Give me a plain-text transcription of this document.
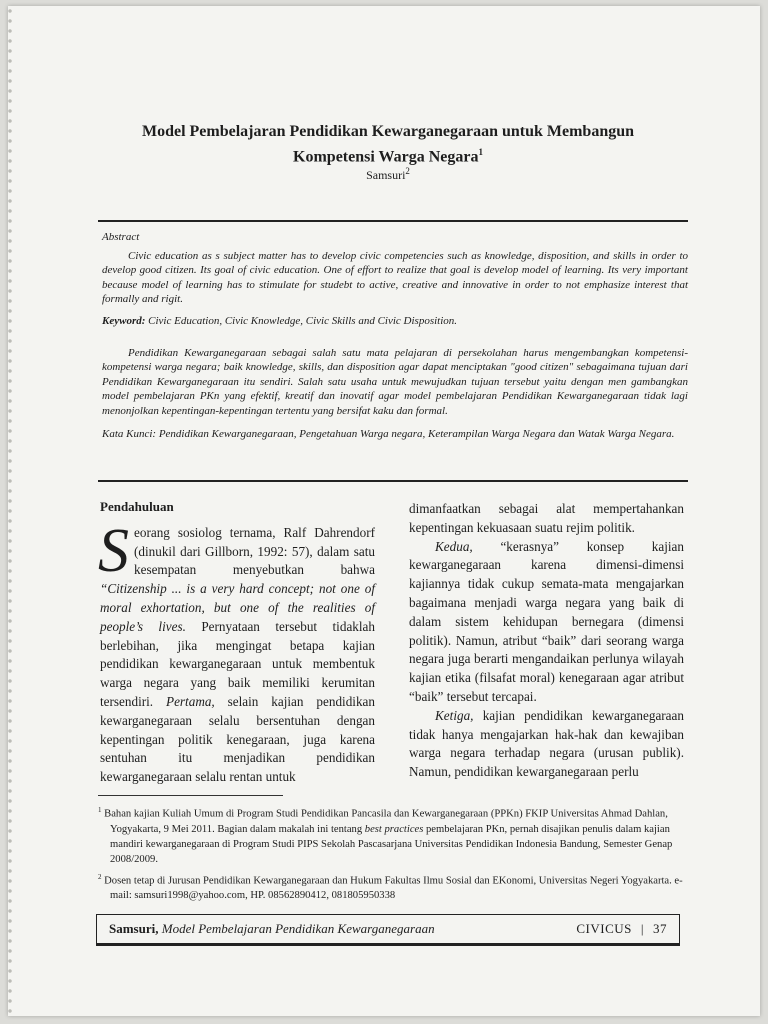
Model Pembelajaran Pendidikan Kewarganegaraan untuk Membangun
Kompetensi Warga Negara$^1$
Samsuri$^2$

Abstract

Civic education as s subject matter has to develop civic competencies such as knowledge, disposition, and skills in order to develop good citizen. Its goal of civic education. One of effort to realize that goal is develop model of learning. Its very important because model of learning has to stimulate for studebt to active, creative and innovative in order to not emphasize interest that formally and rigit.

Keyword: Civic Education, Civic Knowledge, Civic Skills and Civic Disposition.

Pendidikan Kewarganegaraan sebagai salah satu mata pelajaran di persekolahan harus mengembangkan kompetensi-kompetensi warga negara; baik knowledge, skills, dan disposition agar dapat menciptakan "good citizen" sebagaimana tujuan dari Pendidikan Kewarganegaraan itu sendiri. Salah satu usaha untuk mewujudkan tujuan tersebut yaitu dengan men gambangkan model pembelajaran PKn yang efektif, kreatif dan inovatif agar model pembelajaran Pendidikan Kewarganegaraan tidak lagi menonjolkan kepentingan-kepentingan tertentu yang bersifat kaku dan formal.

Kata Kunci: Pendidikan Kewarganegaraan, Pengetahuan Warga negara, Keterampilan Warga Negara dan Watak Warga Negara.

Pendahuluan

Seorang sosiolog ternama, Ralf Dahrendorf (dinukil dari Gillborn, 1992: 57), dalam satu kesempatan menyebutkan bahwa “Citizenship ... is a very hard concept; not one of moral exhortation, but one of the realities of people’s lives. Pernyataan tersebut tidaklah berlebihan, jika mengingat betapa kajian pendidikan kewarganegaraan untuk membentuk warga negara yang baik memiliki kerumitan tersendiri. Pertama, selain kajian pendidikan kewarganegaraan selalu bersentuhan dengan kepentingan politik kenegaraan, juga karena sentuhan itu menjadikan pendidikan kewarganegaraan selalu rentan untuk

dimanfaatkan sebagai alat mempertahankan kepentingan kekuasaan suatu rejim politik.

Kedua, “kerasnya” konsep kajian kewarganegaraan karena dimensi-dimensi kajiannya tidak cukup semata-mata mengajarkan bagaimana menjadi warga negara yang baik di dalam sistem kehidupan bernegara (dimensi politik). Namun, atribut “baik” dari seorang warga negara juga berarti mengandaikan perlunya wilayah kajian etika (filsafat moral) kenegaraan agar atribut “baik” tersebut tercapai.

Ketiga, kajian pendidikan kewarganegaraan tidak hanya mengajarkan hak-hak dan kewajiban warga negara terhadap negara (urusan publik). Namun, pendidikan kewarganegaraan perlu

$^1$ Bahan kajian Kuliah Umum di Program Studi Pendidikan Pancasila dan Kewarganegaraan (PPKn) FKIP Universitas Ahmad Dahlan, Yogyakarta, 9 Mei 2011. Bagian dalam makalah ini tentang best practices pembelajaran PKn, pernah disajikan penulis dalam kajian mandiri kewarganegaraan di Program Studi PIPS Sekolah Pascasarjana Universitas Pendidikan Indonesia Bandung, Semester Genap 2008/2009.

$^2$ Dosen tetap di Jurusan Pendidikan Kewarganegaraan dan Hukum Fakultas Ilmu Sosial dan EKonomi, Universitas Negeri Yogyakarta. e-mail: samsuri1998@yahoo.com, HP. 08562890412, 081805950338

Samsuri, Model Pembelajaran Pendidikan Kewarganegaraan	CIVICUS | 37
